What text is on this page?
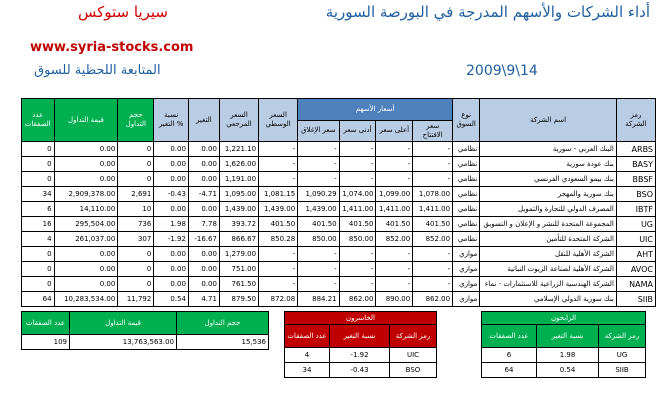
سيريا ستوكس
www.syria-stocks.com
المتابعة اللحظية للسوق
أداء الشركات والأسهم المدرجة في البورصة السورية
2009\9\14
عدد الصفقات	قيمة التداول	حجم التداول	نسبة التغير %	التغير	السعر المرجعي	السعر الوسطي	أسعار الأسهم				نوع السوق	اسم الشركة	رمز الشركة
							سعر الإغلاق	أدنى سعر	أعلى سعر	سعر الافتتاح			
0	0.00	0	0.00	0.00	1,221.10	-	-	-	-	-	نظامي	البنك العربي - سورية	ARBS
0	0.00	0	0.00	0.00	1,626.00	-	-	-	-	-	نظامي	بنك عودة سورية	BASY
0	0.00	0	0.00	0.00	1,191.00	-	-	-	-	-	نظامي	بنك بيمو السعودي الفرنسي	BBSF
34	2,909,378.00	2,691	-0.43	-4.71	1,095.00	1,081.15	1,090.29	1,074.00	1,099.00	1,078.00	نظامي	بنك سورية والمهجر	BSO
6	14,110.00	10	0.00	0.00	1,439.00	1,439.00	1,439.00	1,411.00	1,411.00	1,411.00	نظامي	المصرف الدولي للتجارة والتمويل	IBTF
16	295,504.00	736	1.98	7.78	393.72	401.50	401.50	401.50	401.50	401.50	نظامي	المجموعة المتحدة للنشر و الإعلان و التسويق	UG
4	261,037.00	307	-1.92	-16.67	866.67	850.28	850.00	850.00	852.00	852.00	نظامي	الشركة المتحدة للتأمين	UIC
0	0.00	0	0.00	0.00	1,279.00	-	-	-	-	-	موازي	الشركة الأهلية للنقل	AHT
0	0.00	0	0.00	0.00	751.00	-	-	-	-	-	موازي	الشركة الأهلية لصناعة الزيوت النباتية	AVOC
0	0.00	0	0.00	0.00	761.50	-	-	-	-	-	موازي	الشركة الهندسية الزراعية للاستثمارات - نماء	NAMA
64	10,283,534.00	11,792	0.54	4.71	879.50	872.08	884.21	862.00	890.00	862.00	موازي	بنك سورية الدولي الإسلامي	SIIB
عدد الصفقات	قيمة التداول	حجم التداول
109	13,763,563.00	15,536
الخاسرون		
عدد الصفقات	نسبة التغير	رمز الشركة
4	-1.92	UIC
34	-0.43	BSO
الرابحون		
عدد الصفقات	نسبة التغير	رمز الشركة
6	1.98	UG
64	0.54	SIIB
